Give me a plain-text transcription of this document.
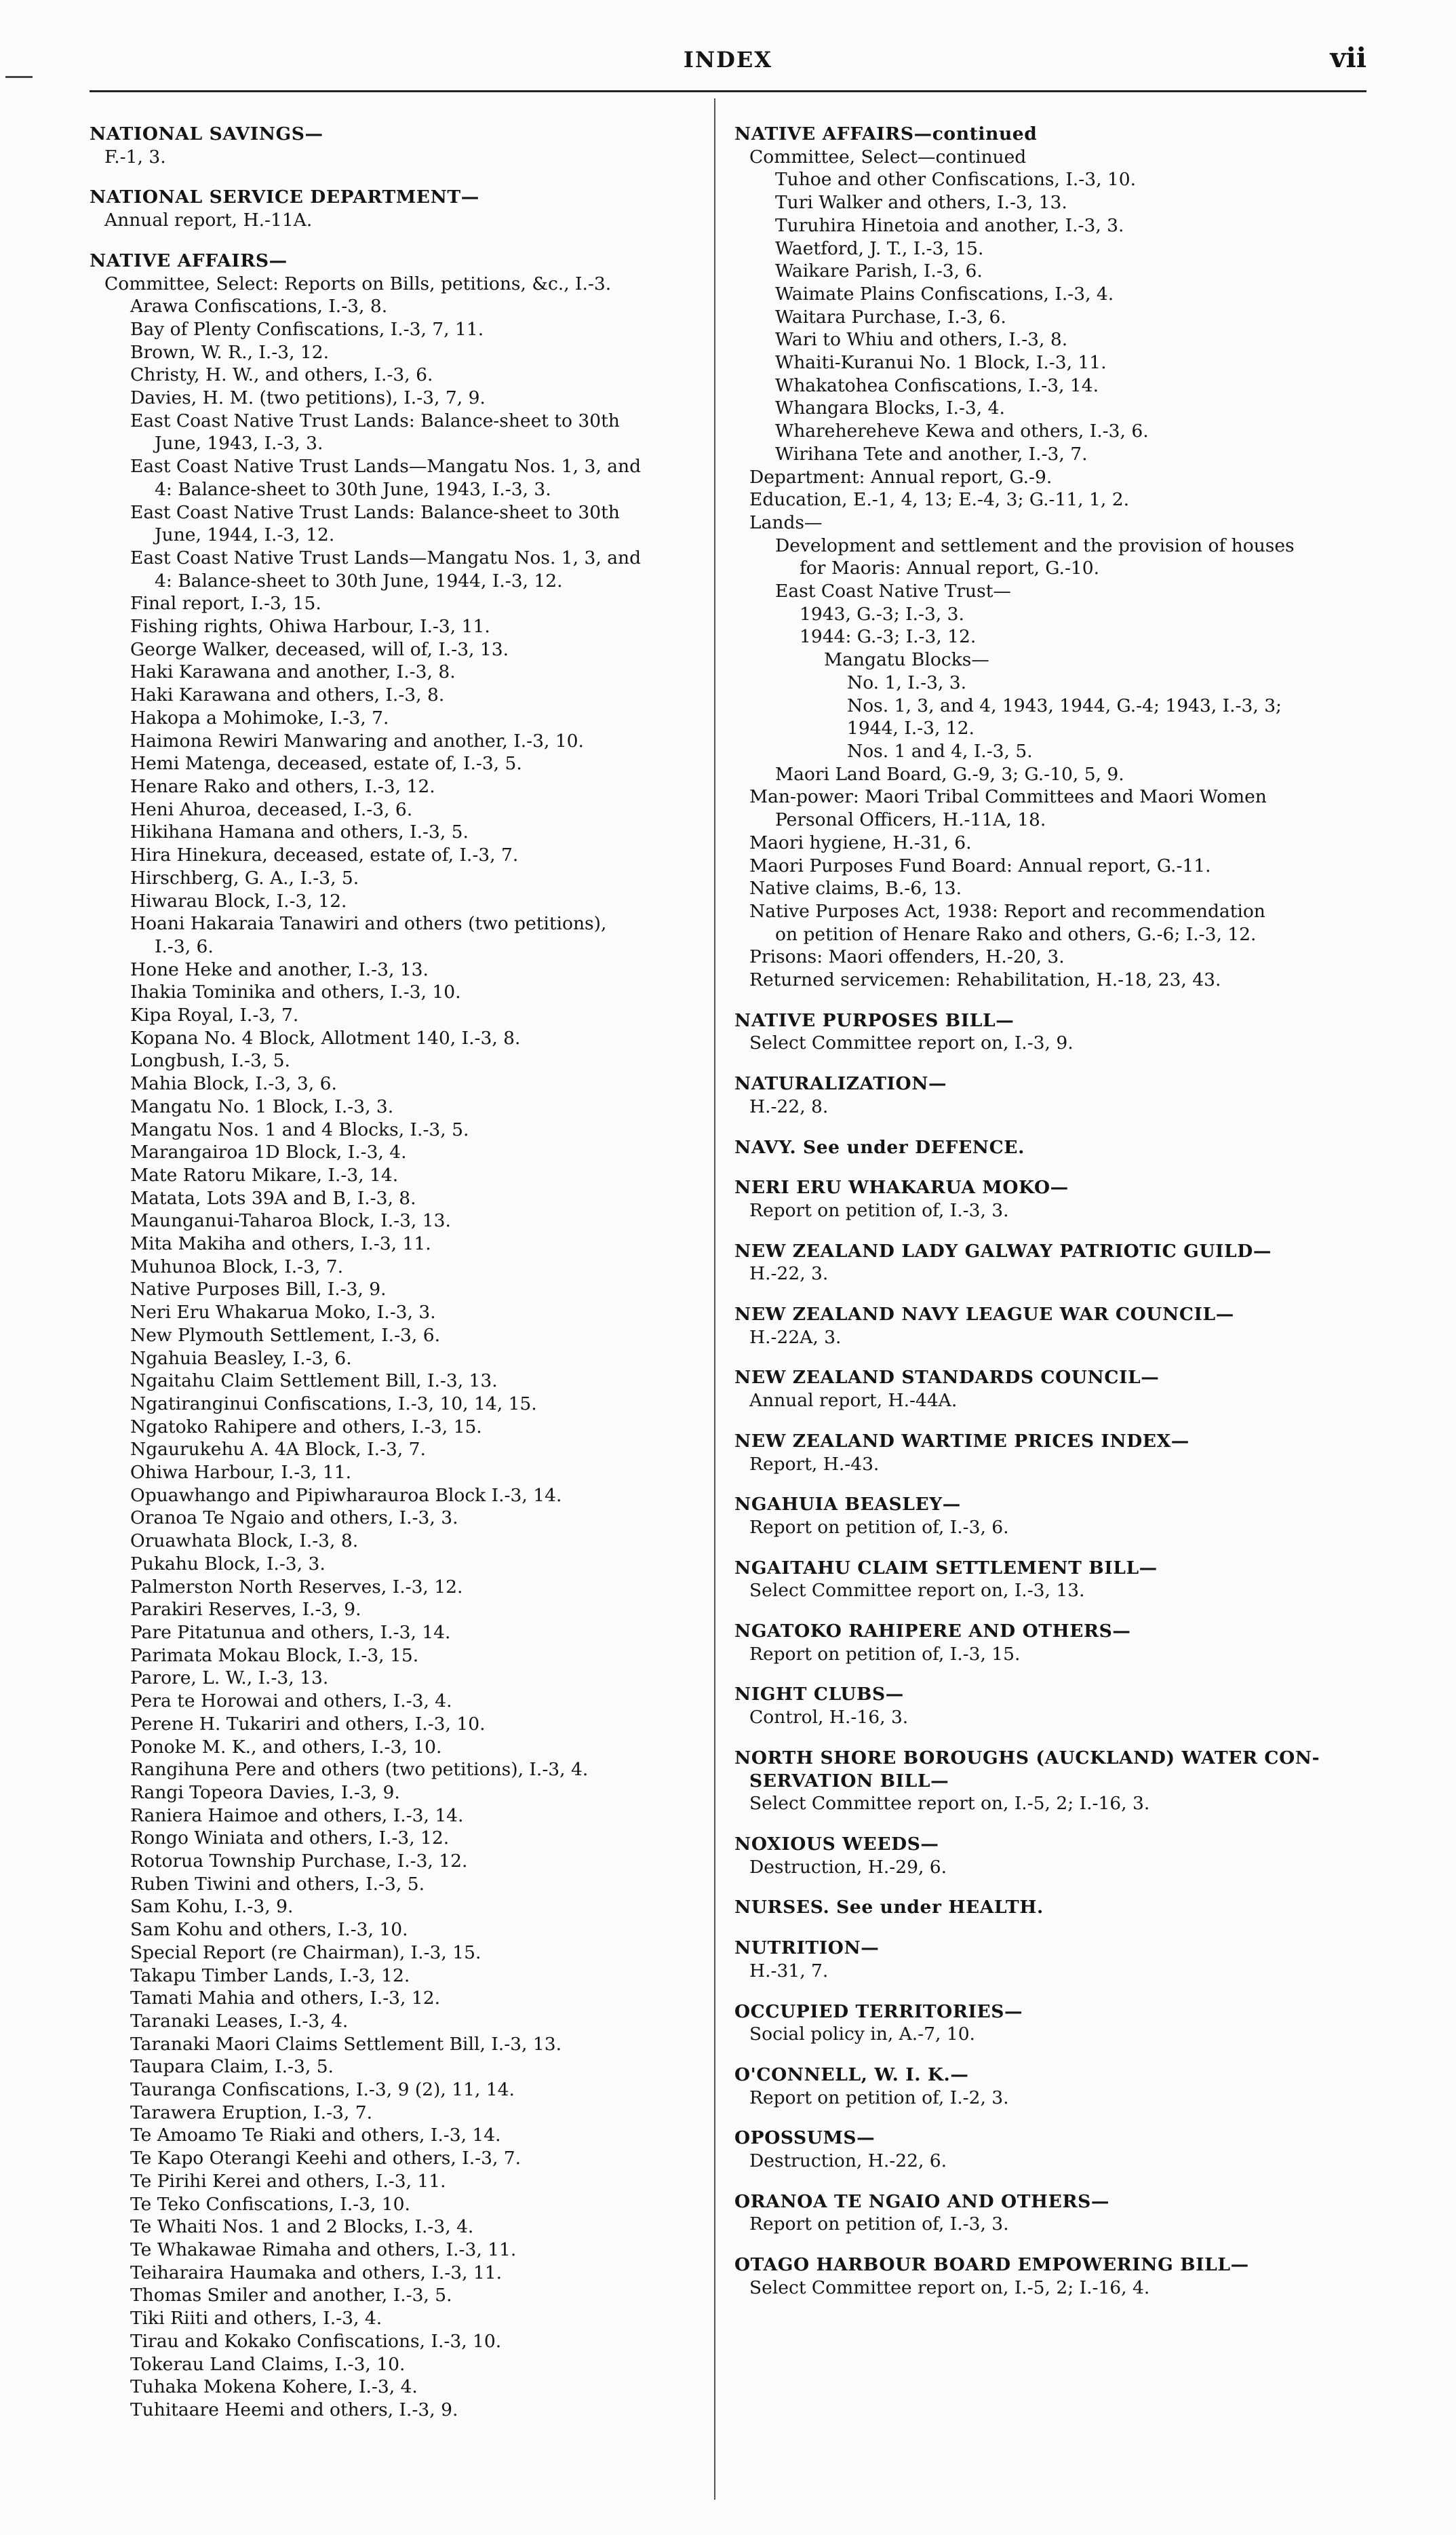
INDEX	vii
NATIONAL SAVINGS—
F.-1, 3.
NATIONAL SERVICE DEPARTMENT—
Annual report, H.-11A.
NATIVE AFFAIRS—
Committee, Select: Reports on Bills, petitions, &c., I.-3.
Arawa Confiscations, I.-3, 8.
Bay of Plenty Confiscations, I.-3, 7, 11.
Brown, W. R., I.-3, 12.
Christy, H. W., and others, I.-3, 6.
Davies, H. M. (two petitions), I.-3, 7, 9.
East Coast Native Trust Lands: Balance-sheet to 30th
June, 1943, I.-3, 3.
East Coast Native Trust Lands—Mangatu Nos. 1, 3, and
4: Balance-sheet to 30th June, 1943, I.-3, 3.
East Coast Native Trust Lands: Balance-sheet to 30th
June, 1944, I.-3, 12.
East Coast Native Trust Lands—Mangatu Nos. 1, 3, and
4: Balance-sheet to 30th June, 1944, I.-3, 12.
Final report, I.-3, 15.
Fishing rights, Ohiwa Harbour, I.-3, 11.
George Walker, deceased, will of, I.-3, 13.
Haki Karawana and another, I.-3, 8.
Haki Karawana and others, I.-3, 8.
Hakopa a Mohimoke, I.-3, 7.
Haimona Rewiri Manwaring and another, I.-3, 10.
Hemi Matenga, deceased, estate of, I.-3, 5.
Henare Rako and others, I.-3, 12.
Heni Ahuroa, deceased, I.-3, 6.
Hikihana Hamana and others, I.-3, 5.
Hira Hinekura, deceased, estate of, I.-3, 7.
Hirschberg, G. A., I.-3, 5.
Hiwarau Block, I.-3, 12.
Hoani Hakaraia Tanawiri and others (two petitions),
I.-3, 6.
Hone Heke and another, I.-3, 13.
Ihakia Tominika and others, I.-3, 10.
Kipa Royal, I.-3, 7.
Kopana No. 4 Block, Allotment 140, I.-3, 8.
Longbush, I.-3, 5.
Mahia Block, I.-3, 3, 6.
Mangatu No. 1 Block, I.-3, 3.
Mangatu Nos. 1 and 4 Blocks, I.-3, 5.
Marangairoa 1D Block, I.-3, 4.
Mate Ratoru Mikare, I.-3, 14.
Matata, Lots 39A and B, I.-3, 8.
Maunganui-Taharoa Block, I.-3, 13.
Mita Makiha and others, I.-3, 11.
Muhunoa Block, I.-3, 7.
Native Purposes Bill, I.-3, 9.
Neri Eru Whakarua Moko, I.-3, 3.
New Plymouth Settlement, I.-3, 6.
Ngahuia Beasley, I.-3, 6.
Ngaitahu Claim Settlement Bill, I.-3, 13.
Ngatiranginui Confiscations, I.-3, 10, 14, 15.
Ngatoko Rahipere and others, I.-3, 15.
Ngaurukehu A. 4A Block, I.-3, 7.
Ohiwa Harbour, I.-3, 11.
Opuawhango and Pipiwharauroa Block I.-3, 14.
Oranoa Te Ngaio and others, I.-3, 3.
Oruawhata Block, I.-3, 8.
Pukahu Block, I.-3, 3.
Palmerston North Reserves, I.-3, 12.
Parakiri Reserves, I.-3, 9.
Pare Pitatunua and others, I.-3, 14.
Parimata Mokau Block, I.-3, 15.
Parore, L. W., I.-3, 13.
Pera te Horowai and others, I.-3, 4.
Perene H. Tukariri and others, I.-3, 10.
Ponoke M. K., and others, I.-3, 10.
Rangihuna Pere and others (two petitions), I.-3, 4.
Rangi Topeora Davies, I.-3, 9.
Raniera Haimoe and others, I.-3, 14.
Rongo Winiata and others, I.-3, 12.
Rotorua Township Purchase, I.-3, 12.
Ruben Tiwini and others, I.-3, 5.
Sam Kohu, I.-3, 9.
Sam Kohu and others, I.-3, 10.
Special Report (re Chairman), I.-3, 15.
Takapu Timber Lands, I.-3, 12.
Tamati Mahia and others, I.-3, 12.
Taranaki Leases, I.-3, 4.
Taranaki Maori Claims Settlement Bill, I.-3, 13.
Taupara Claim, I.-3, 5.
Tauranga Confiscations, I.-3, 9 (2), 11, 14.
Tarawera Eruption, I.-3, 7.
Te Amoamo Te Riaki and others, I.-3, 14.
Te Kapo Oterangi Keehi and others, I.-3, 7.
Te Pirihi Kerei and others, I.-3, 11.
Te Teko Confiscations, I.-3, 10.
Te Whaiti Nos. 1 and 2 Blocks, I.-3, 4.
Te Whakawae Rimaha and others, I.-3, 11.
Teiharaira Haumaka and others, I.-3, 11.
Thomas Smiler and another, I.-3, 5.
Tiki Riiti and others, I.-3, 4.
Tirau and Kokako Confiscations, I.-3, 10.
Tokerau Land Claims, I.-3, 10.
Tuhaka Mokena Kohere, I.-3, 4.
Tuhitaare Heemi and others, I.-3, 9.
NATIVE AFFAIRS—continued
Committee, Select—continued
Tuhoe and other Confiscations, I.-3, 10.
Turi Walker and others, I.-3, 13.
Turuhira Hinetoia and another, I.-3, 3.
Waetford, J. T., I.-3, 15.
Waikare Parish, I.-3, 6.
Waimate Plains Confiscations, I.-3, 4.
Waitara Purchase, I.-3, 6.
Wari to Whiu and others, I.-3, 8.
Whaiti-Kuranui No. 1 Block, I.-3, 11.
Whakatohea Confiscations, I.-3, 14.
Whangara Blocks, I.-3, 4.
Wharehereheve Kewa and others, I.-3, 6.
Wirihana Tete and another, I.-3, 7.
Department: Annual report, G.-9.
Education, E.-1, 4, 13; E.-4, 3; G.-11, 1, 2.
Lands—
Development and settlement and the provision of houses
for Maoris: Annual report, G.-10.
East Coast Native Trust—
1943, G.-3; I.-3, 3.
1944: G.-3; I.-3, 12.
Mangatu Blocks—
No. 1, I.-3, 3.
Nos. 1, 3, and 4, 1943, 1944, G.-4; 1943, I.-3, 3;
1944, I.-3, 12.
Nos. 1 and 4, I.-3, 5.
Maori Land Board, G.-9, 3; G.-10, 5, 9.
Man-power: Maori Tribal Committees and Maori Women
Personal Officers, H.-11A, 18.
Maori hygiene, H.-31, 6.
Maori Purposes Fund Board: Annual report, G.-11.
Native claims, B.-6, 13.
Native Purposes Act, 1938: Report and recommendation
on petition of Henare Rako and others, G.-6; I.-3, 12.
Prisons: Maori offenders, H.-20, 3.
Returned servicemen: Rehabilitation, H.-18, 23, 43.
NATIVE PURPOSES BILL—
Select Committee report on, I.-3, 9.
NATURALIZATION—
H.-22, 8.
NAVY. See under DEFENCE.
NERI ERU WHAKARUA MOKO—
Report on petition of, I.-3, 3.
NEW ZEALAND LADY GALWAY PATRIOTIC GUILD—
H.-22, 3.
NEW ZEALAND NAVY LEAGUE WAR COUNCIL—
H.-22A, 3.
NEW ZEALAND STANDARDS COUNCIL—
Annual report, H.-44A.
NEW ZEALAND WARTIME PRICES INDEX—
Report, H.-43.
NGAHUIA BEASLEY—
Report on petition of, I.-3, 6.
NGAITAHU CLAIM SETTLEMENT BILL—
Select Committee report on, I.-3, 13.
NGATOKO RAHIPERE AND OTHERS—
Report on petition of, I.-3, 15.
NIGHT CLUBS—
Control, H.-16, 3.
NORTH SHORE BOROUGHS (AUCKLAND) WATER CON-
SERVATION BILL—
Select Committee report on, I.-5, 2; I.-16, 3.
NOXIOUS WEEDS—
Destruction, H.-29, 6.
NURSES. See under HEALTH.
NUTRITION—
H.-31, 7.
OCCUPIED TERRITORIES—
Social policy in, A.-7, 10.
O'CONNELL, W. I. K.—
Report on petition of, I.-2, 3.
OPOSSUMS—
Destruction, H.-22, 6.
ORANOA TE NGAIO AND OTHERS—
Report on petition of, I.-3, 3.
OTAGO HARBOUR BOARD EMPOWERING BILL—
Select Committee report on, I.-5, 2; I.-16, 4.
